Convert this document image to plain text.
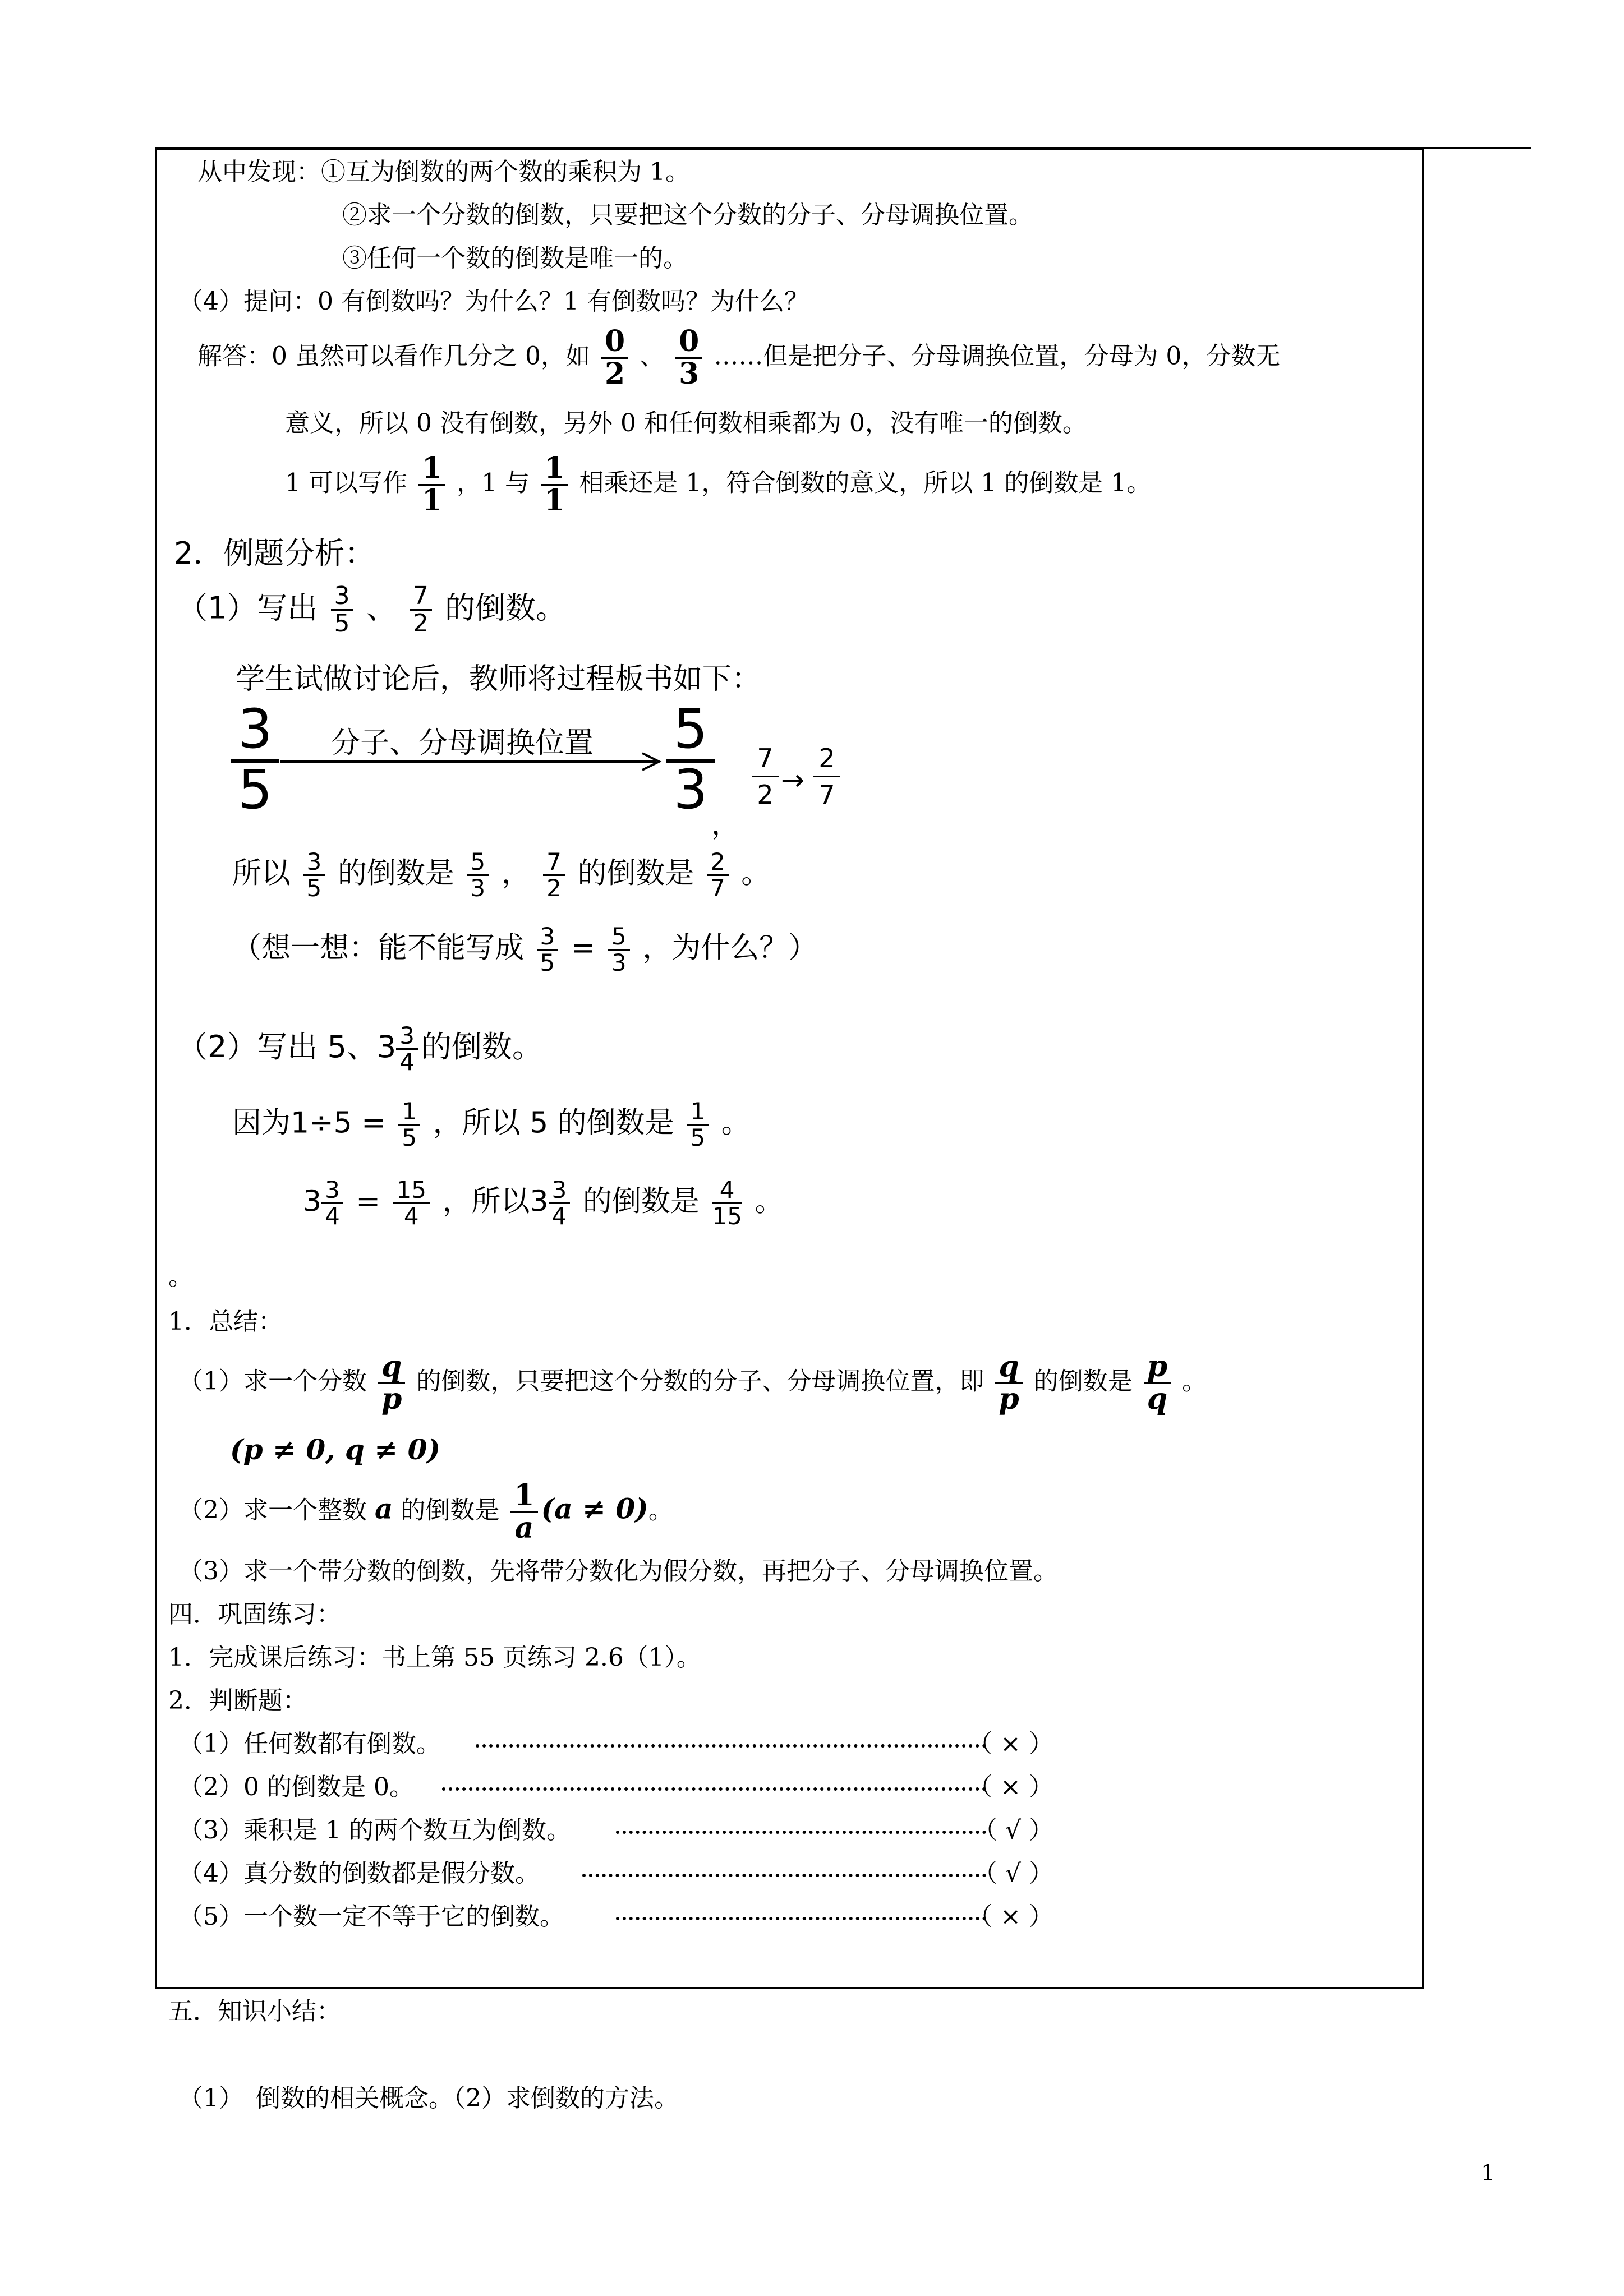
从中发现：①互为倒数的两个数的乘积为 1。
②求一个分数的倒数，只要把这个分数的分子、分母调换位置。
③任何一个数的倒数是唯一的。
（4）提问：0 有倒数吗？为什么？1 有倒数吗？为什么？
解答：0 虽然可以看作几分之 0，如 $\frac{0}{2}$ 、 $\frac{0}{3}$ ……但是把分子、分母调换位置，分母为 0，分数无
意义，所以 0 没有倒数，另外 0 和任何数相乘都为 0，没有唯一的倒数。
1 可以写作 $\frac{1}{1}$ ，1 与 $\frac{1}{1}$ 相乘还是 1，符合倒数的意义，所以 1 的倒数是 1。
2．例题分析：
（1）写出 $\frac{3}{5}$ 、 $\frac{7}{2}$ 的倒数。
学生试做讨论后，教师将过程板书如下：
3
5
分子、分母调换位置 5
3
，
7
2 →
2
7
所以 $\frac{3}{5}$ 的倒数是 $\frac{5}{3}$ ， $\frac{7}{2}$ 的倒数是 $\frac{2}{7}$ 。
（想一想：能不能写成 $\frac{3}{5} = \frac{5}{3}$ ，为什么？）
（2）写出 5、$3 \frac{3}{4}$ 的倒数。
因为$1\div 5 = \frac{1}{5}$ ，所以 5 的倒数是 $\frac{1}{5}$ 。
$3 \frac{3}{4} = \frac{15}{4}$ ，所以$3 \frac{3}{4}$ 的倒数是 $\frac{4}{15}$ 。
。
1．总结：
（1）求一个分数 $\frac{q}{p}$ 的倒数，只要把这个分数的分子、分母调换位置，即 $\frac{q}{p}$ 的倒数是 $\frac{p}{q}$ 。
(p ≠ 0, q ≠ 0)
（2）求一个整数 a 的倒数是 $\frac{1}{a} (a \ne 0)$。
（3）求一个带分数的倒数，先将带分数化为假分数，再把分子、分母调换位置。
四．巩固练习：
1．完成课后练习：书上第 55 页练习 2.6（1）。
2．判断题：
（1）任何数都有倒数。	（ × ）
（2）0 的倒数是 0。	（ × ）
（3）乘积是 1 的两个数互为倒数。	（ √ ）
（4）真分数的倒数都是假分数。	（ √ ）
（5）一个数一定不等于它的倒数。	（ × ）
五．知识小结：
（1）　倒数的相关概念。（2）求倒数的方法。
1
